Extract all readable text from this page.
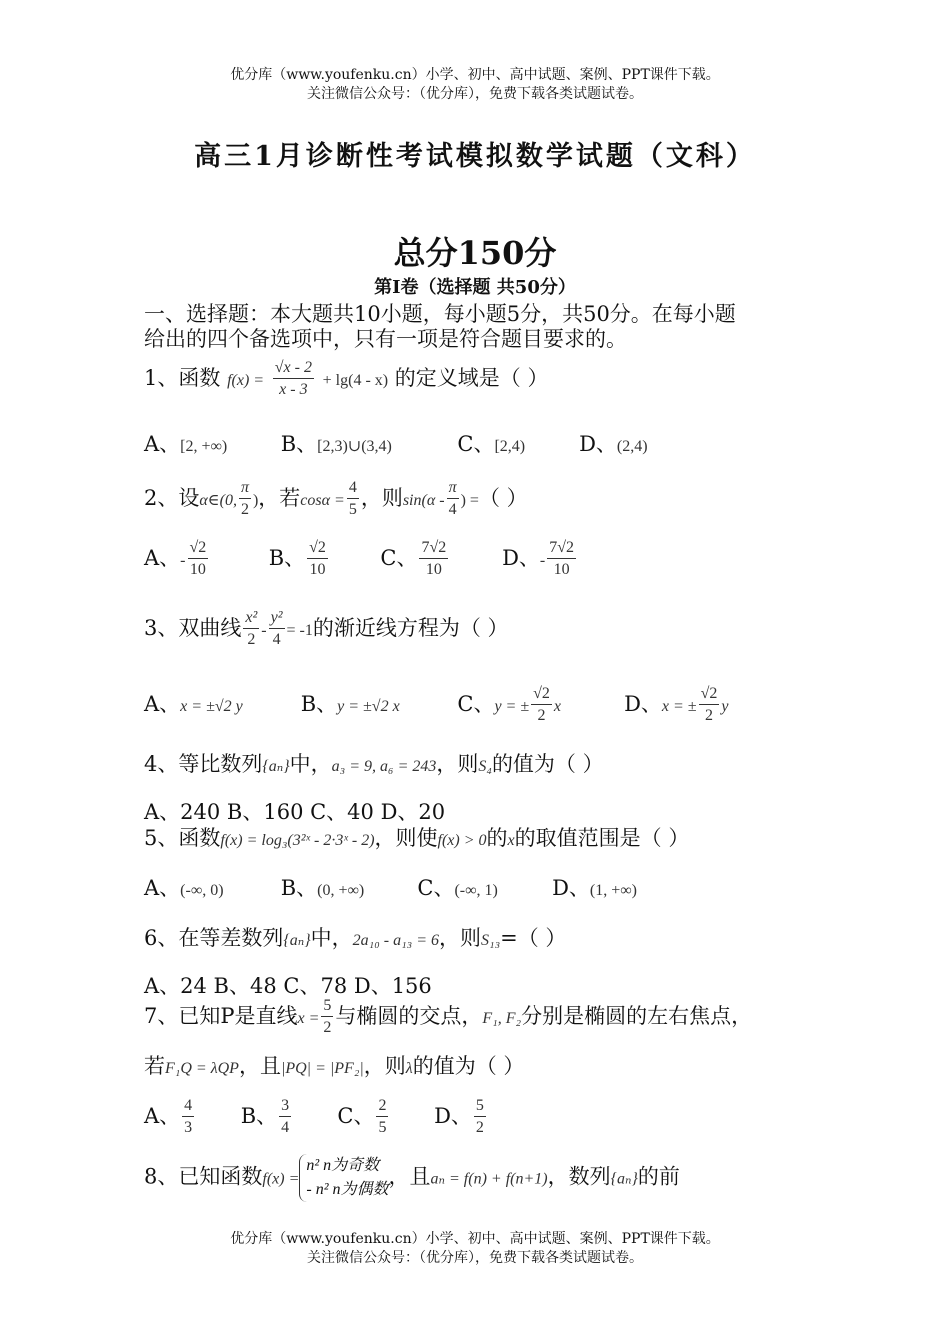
优分库（www.youfenku.cn）小学、初中、高中试题、案例、PPT课件下载。
关注微信公众号：（优分库），免费下载各类试题试卷。
高三1月诊断性考试模拟数学试题（文科）
总分150分
第I卷（选择题 共50分）
一、选择题：本大题共10小题，每小题5分，共50分。在每小题
给出的四个备选项中，只有一项是符合题目要求的。
1、函数 $f(x) = \frac{√x - 2}{x - 3} + \lg(4 - x)$ 的定义域是（ ）
A、[2, +∞)	B、[2,3)∪(3,4)	C、[2,4)	D、(2,4)
2、设α∈(0, $\frac{\pi}{2}$ )，若$\cos\alpha = \frac{4}{5}$ ，则$\sin(\alpha - \frac{\pi}{4}$ ) =（ ）
A、- $\frac{√2}{10}$	B、 $\frac{√2}{10}$ C、 $\frac{7√2}{10}$	D、- $\frac{7√2}{10}$
3、双曲线 $\frac{\text{x²}}{2} - \frac{\text{y²}}{4} = -1$的渐近线方程为（ ）
A、x = ±√2 y	B、y = ±√2 x	C、y = ± $\frac{√2}{2}$ x	D、x = ± $\frac{√2}{2}$ y
4、等比数列{aₙ}中，a₃ = 9, a₆ = 243，则S₄的值为（ ）
A、240 B、160 C、40 D、20
5、函数f(x) = log₃(3²ˣ - 2·3ˣ - 2)，则使f(x) > 0的x的取值范围是（ ）
A、(-∞, 0)	B、(0, +∞)	C、(-∞, 1)	D、(1, +∞)
6、在等差数列{aₙ}中，2a₁₀ - a₁₃ = 6，则S₁₃=（ ）
A、24 B、48 C、78 D、156
7、已知P是直线$x = \frac{5}{2}$ 与椭圆的交点，F₁, F₂分别是椭圆的左右焦点，
若F₁Q = λQP，且|PQ| = |PF₂|，则λ的值为（ ）
A、 $\frac{4}{3}$ B、 $\frac{3}{4}$ C、 $\frac{2}{5}$ D、 $\frac{5}{2}$
8、已知函数f(x) =
n² n为奇数
- n² n为偶数
，且aₙ = f(n) + f(n+1)，数列{aₙ}的前
优分库（www.youfenku.cn）小学、初中、高中试题、案例、PPT课件下载。
关注微信公众号：（优分库），免费下载各类试题试卷。
